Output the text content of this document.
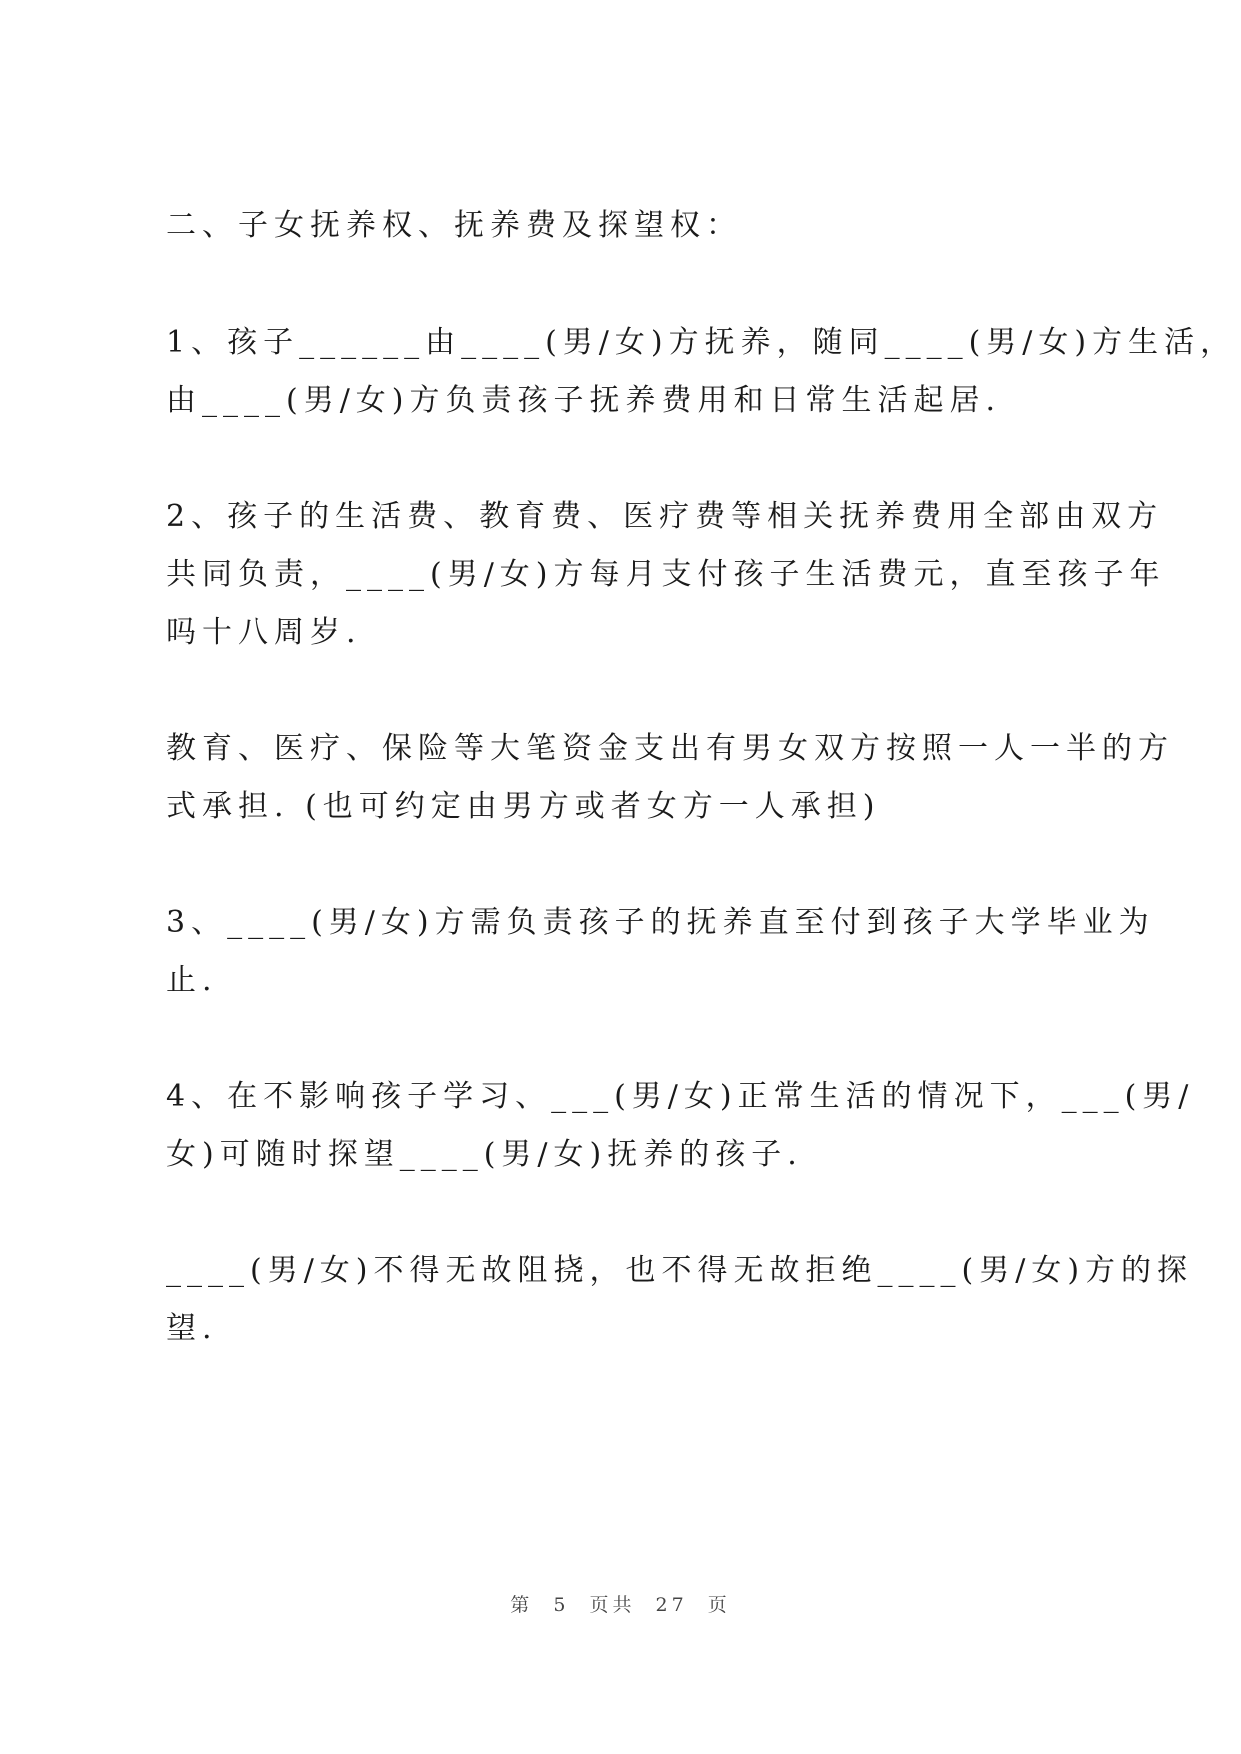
二、子女抚养权、抚养费及探望权：
1、孩子______由____(男/女)方抚养，随同____(男/女)方生活，
由____(男/女)方负责孩子抚养费用和日常生活起居.
2、孩子的生活费、教育费、医疗费等相关抚养费用全部由双方
共同负责，____(男/女)方每月支付孩子生活费元，直至孩子年
吗十八周岁.
教育、医疗、保险等大笔资金支出有男女双方按照一人一半的方
式承担. (也可约定由男方或者女方一人承担)
3、____(男/女)方需负责孩子的抚养直至付到孩子大学毕业为
止.
4、在不影响孩子学习、___(男/女)正常生活的情况下，___(男/
女)可随时探望____(男/女)抚养的孩子.
____(男/女)不得无故阻挠，也不得无故拒绝____(男/女)方的探
望.
第 5 页共 27 页
